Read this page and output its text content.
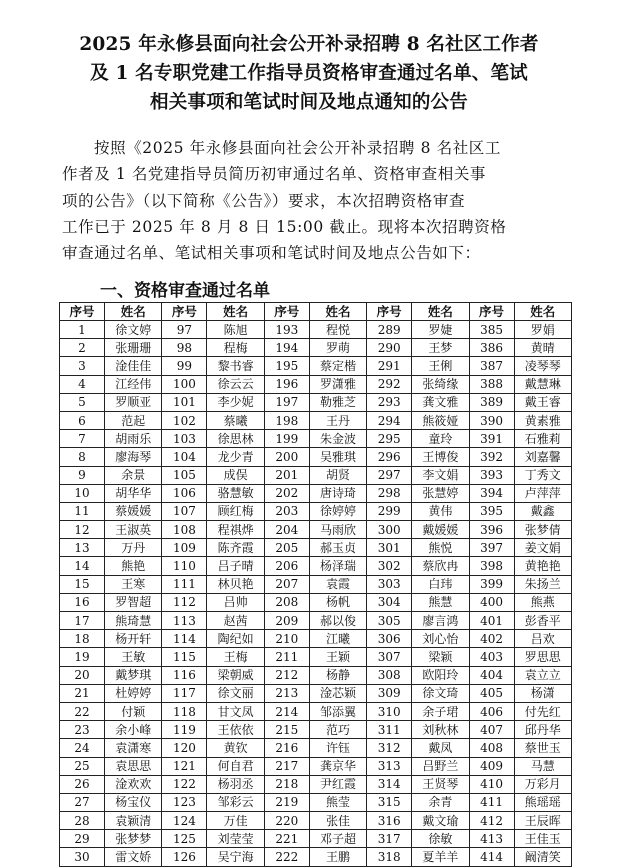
2025 年永修县面向社会公开补录招聘 8 名社区工作者
及 1 名专职党建工作指导员资格审查通过名单、笔试
相关事项和笔试时间及地点通知的公告
按照《2025 年永修县面向社会公开补录招聘 8 名社区工
作者及 1 名党建指导员简历初审通过名单、资格审查相关事
项的公告》（以下简称《公告》）要求，本次招聘资格审查
工作已于 2025 年 8 月 8 日 15:00 截止。现将本次招聘资格
审查通过名单、笔试相关事项和笔试时间及地点公告如下：
一、资格审查通过名单
序号	姓名	序号	姓名	序号	姓名	序号	姓名	序号	姓名
1	徐文婷	97	陈旭	193	程悦	289	罗婕	385	罗娟
2	张珊珊	98	程梅	194	罗萌	290	王梦	386	黄晴
3	淦佳佳	99	黎书睿	195	蔡定楷	291	王俐	387	凌琴琴
4	江经伟	100	徐云云	196	罗潇雅	292	张绮缘	388	戴慧琳
5	罗顺亚	101	李少妮	197	勒雅芝	293	龚文雅	389	戴王睿
6	范起	102	蔡曦	198	王丹	294	熊筱娅	390	黄素雅
7	胡雨乐	103	徐思林	199	朱金波	295	童玲	391	石雅莉
8	廖海琴	104	龙少青	200	吴雅琪	296	王博俊	392	刘嘉馨
9	余景	105	成俣	201	胡贤	297	李文娟	393	丁秀文
10	胡华华	106	骆慧敏	202	唐诗琦	298	张慧婷	394	卢萍萍
11	蔡媛媛	107	顾红梅	203	徐婷婷	299	黄伟	395	戴鑫
12	王淑英	108	程祺烨	204	马雨欣	300	戴媛媛	396	张梦倩
13	万丹	109	陈齐霞	205	郝玉贞	301	熊悦	397	姜文娟
14	熊艳	110	吕子晴	206	杨泽瑞	302	蔡欣冉	398	黄艳艳
15	王寒	111	林贝艳	207	袁霞	303	白玮	399	朱扬兰
16	罗智超	112	吕帅	208	杨帆	304	熊慧	400	熊燕
17	熊琦慧	113	赵茜	209	郝以俊	305	廖言鸿	401	彭香平
18	杨开轩	114	陶纪如	210	江曦	306	刘心怡	402	吕欢
19	王敏	115	王梅	211	王颖	307	梁颖	403	罗思思
20	戴梦琪	116	梁朝威	212	杨静	308	欧阳玲	404	袁立立
21	杜婷婷	117	徐文丽	213	淦芯颖	309	徐文琦	405	杨潇
22	付颖	118	甘文凤	214	邹添翼	310	余子珺	406	付先红
23	余小峰	119	王依依	215	范巧	311	刘秋林	407	邱丹华
24	袁潇寒	120	黄钦	216	许钰	312	戴凤	408	蔡世玉
25	袁思思	121	何自君	217	龚京华	313	吕野兰	409	马慧
26	淦欢欢	122	杨羽丞	218	尹红霞	314	王贤琴	410	万彩月
27	杨宝仪	123	邹彩云	219	熊莹	315	余青	411	熊瑶瑶
28	袁颖清	124	万佳	220	张佳	316	戴文瑜	412	王辰晖
29	张梦梦	125	刘莹莹	221	邓子超	317	徐敏	413	王佳玉
30	雷文娇	126	吴宁海	222	王鹏	318	夏羊羊	414	阚清笑
